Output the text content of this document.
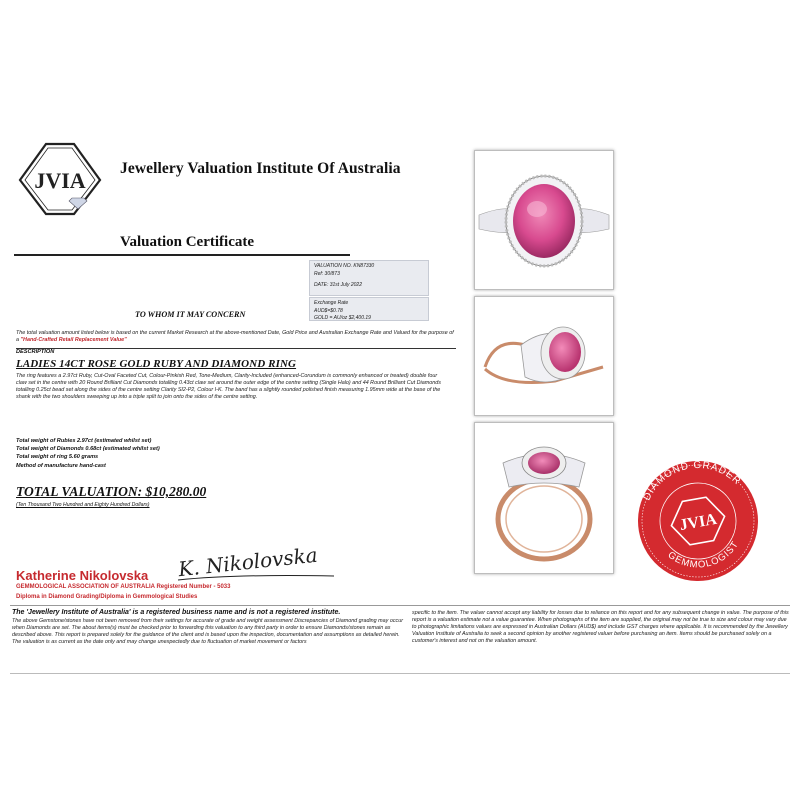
JVIA Jewellery Valuation Institute Of Australia
Valuation Certificate
VALUATION NO. KN87330
Ref: 30/873
DATE: 31st July 2022
Exchange Rate
AUD$=$0.78
GOLD = AU/oz $2,400.19
TO WHOM IT MAY CONCERN
The total valuation amount listed below is based on the current Market Research at the above-mentioned Date, Gold Price and Australian Exchange Rate and Valued for the purpose of a "Hand-Crafted Retail Replacement Value"
DESCRIPTION
LADIES 14CT ROSE GOLD RUBY AND DIAMOND RING
The ring features a 2.97ct Ruby, Cut-Oval Faceted Cut, Colour-Pinkish Red, Tone-Medium, Clarity-Included (enhanced-Corundum is commonly enhanced or treated) double four claw set in the centre with 20 Round Brilliant Cut Diamonds totalling 0.43ct claw set around the outer edge of the centre setting (Single Halo) and 44 Round Brilliant Cut Diamonds totalling 0.25ct bead set along the sides of the centre setting Clarity SI2-P2, Colour I-K. The band has a slightly rounded polished finish measuring 1.95mm wide at the base of the shank with the two shoulders sweeping up into a triple split to join onto the sides of the centre setting.
Total weight of Rubies 2.97ct (estimated whilst set)
Total weight of Diamonds 0.68ct (estimated whilst set)
Total weight of ring 5.60 grams
Method of manufacture hand-cast
TOTAL VALUATION: $10,280.00
(Ten Thousand Two Hundred and Eighty Hundred Dollars)
K. Nikolovska
Katherine Nikolovska
GEMMOLOGICAL ASSOCIATION OF AUSTRALIA Registered Number - 5033
Diploma in Diamond Grading/Diploma in Gemmological Studies
The 'Jewellery Institute of Australia' is a registered business name and is not a registered institute.
The above Gemstone/stones have not been removed from their settings for accurate of grade and weight assessment Discrepancies of Diamond grading may occur when Diamonds are set. The about items(s) must be checked prior to forwarding this valuation to any third party in order to ensure Diamonds/stones remain as described above. This report is prepared solely for the guidance of the client and is based upon the inspection, documentation and assumptions as detailed herein. The valuation is as current as the date only and may change unexpectedly due to fluctuation of market movement or factors
specific to the item. The valuer cannot accept any liability for losses due to reliance on this report and for any subsequent change in value. The purpose of this report is a valuation estimate not a value guarantee. When photographs of the item are supplied, the original may not be true to size and colour may vary due to photographic limitations values are expressed in Australian Dollars (AUD$) and include GST charges where applicable. It is recommended by the Jewellery Valuation Institute of Australia to seek a second opinion by another registered valuer before purchasing an item. Items should be purchased solely on a customer's interest and not on the valuation amount.
DIAMOND GRADER
GEMMOLOGIST
JVIA
